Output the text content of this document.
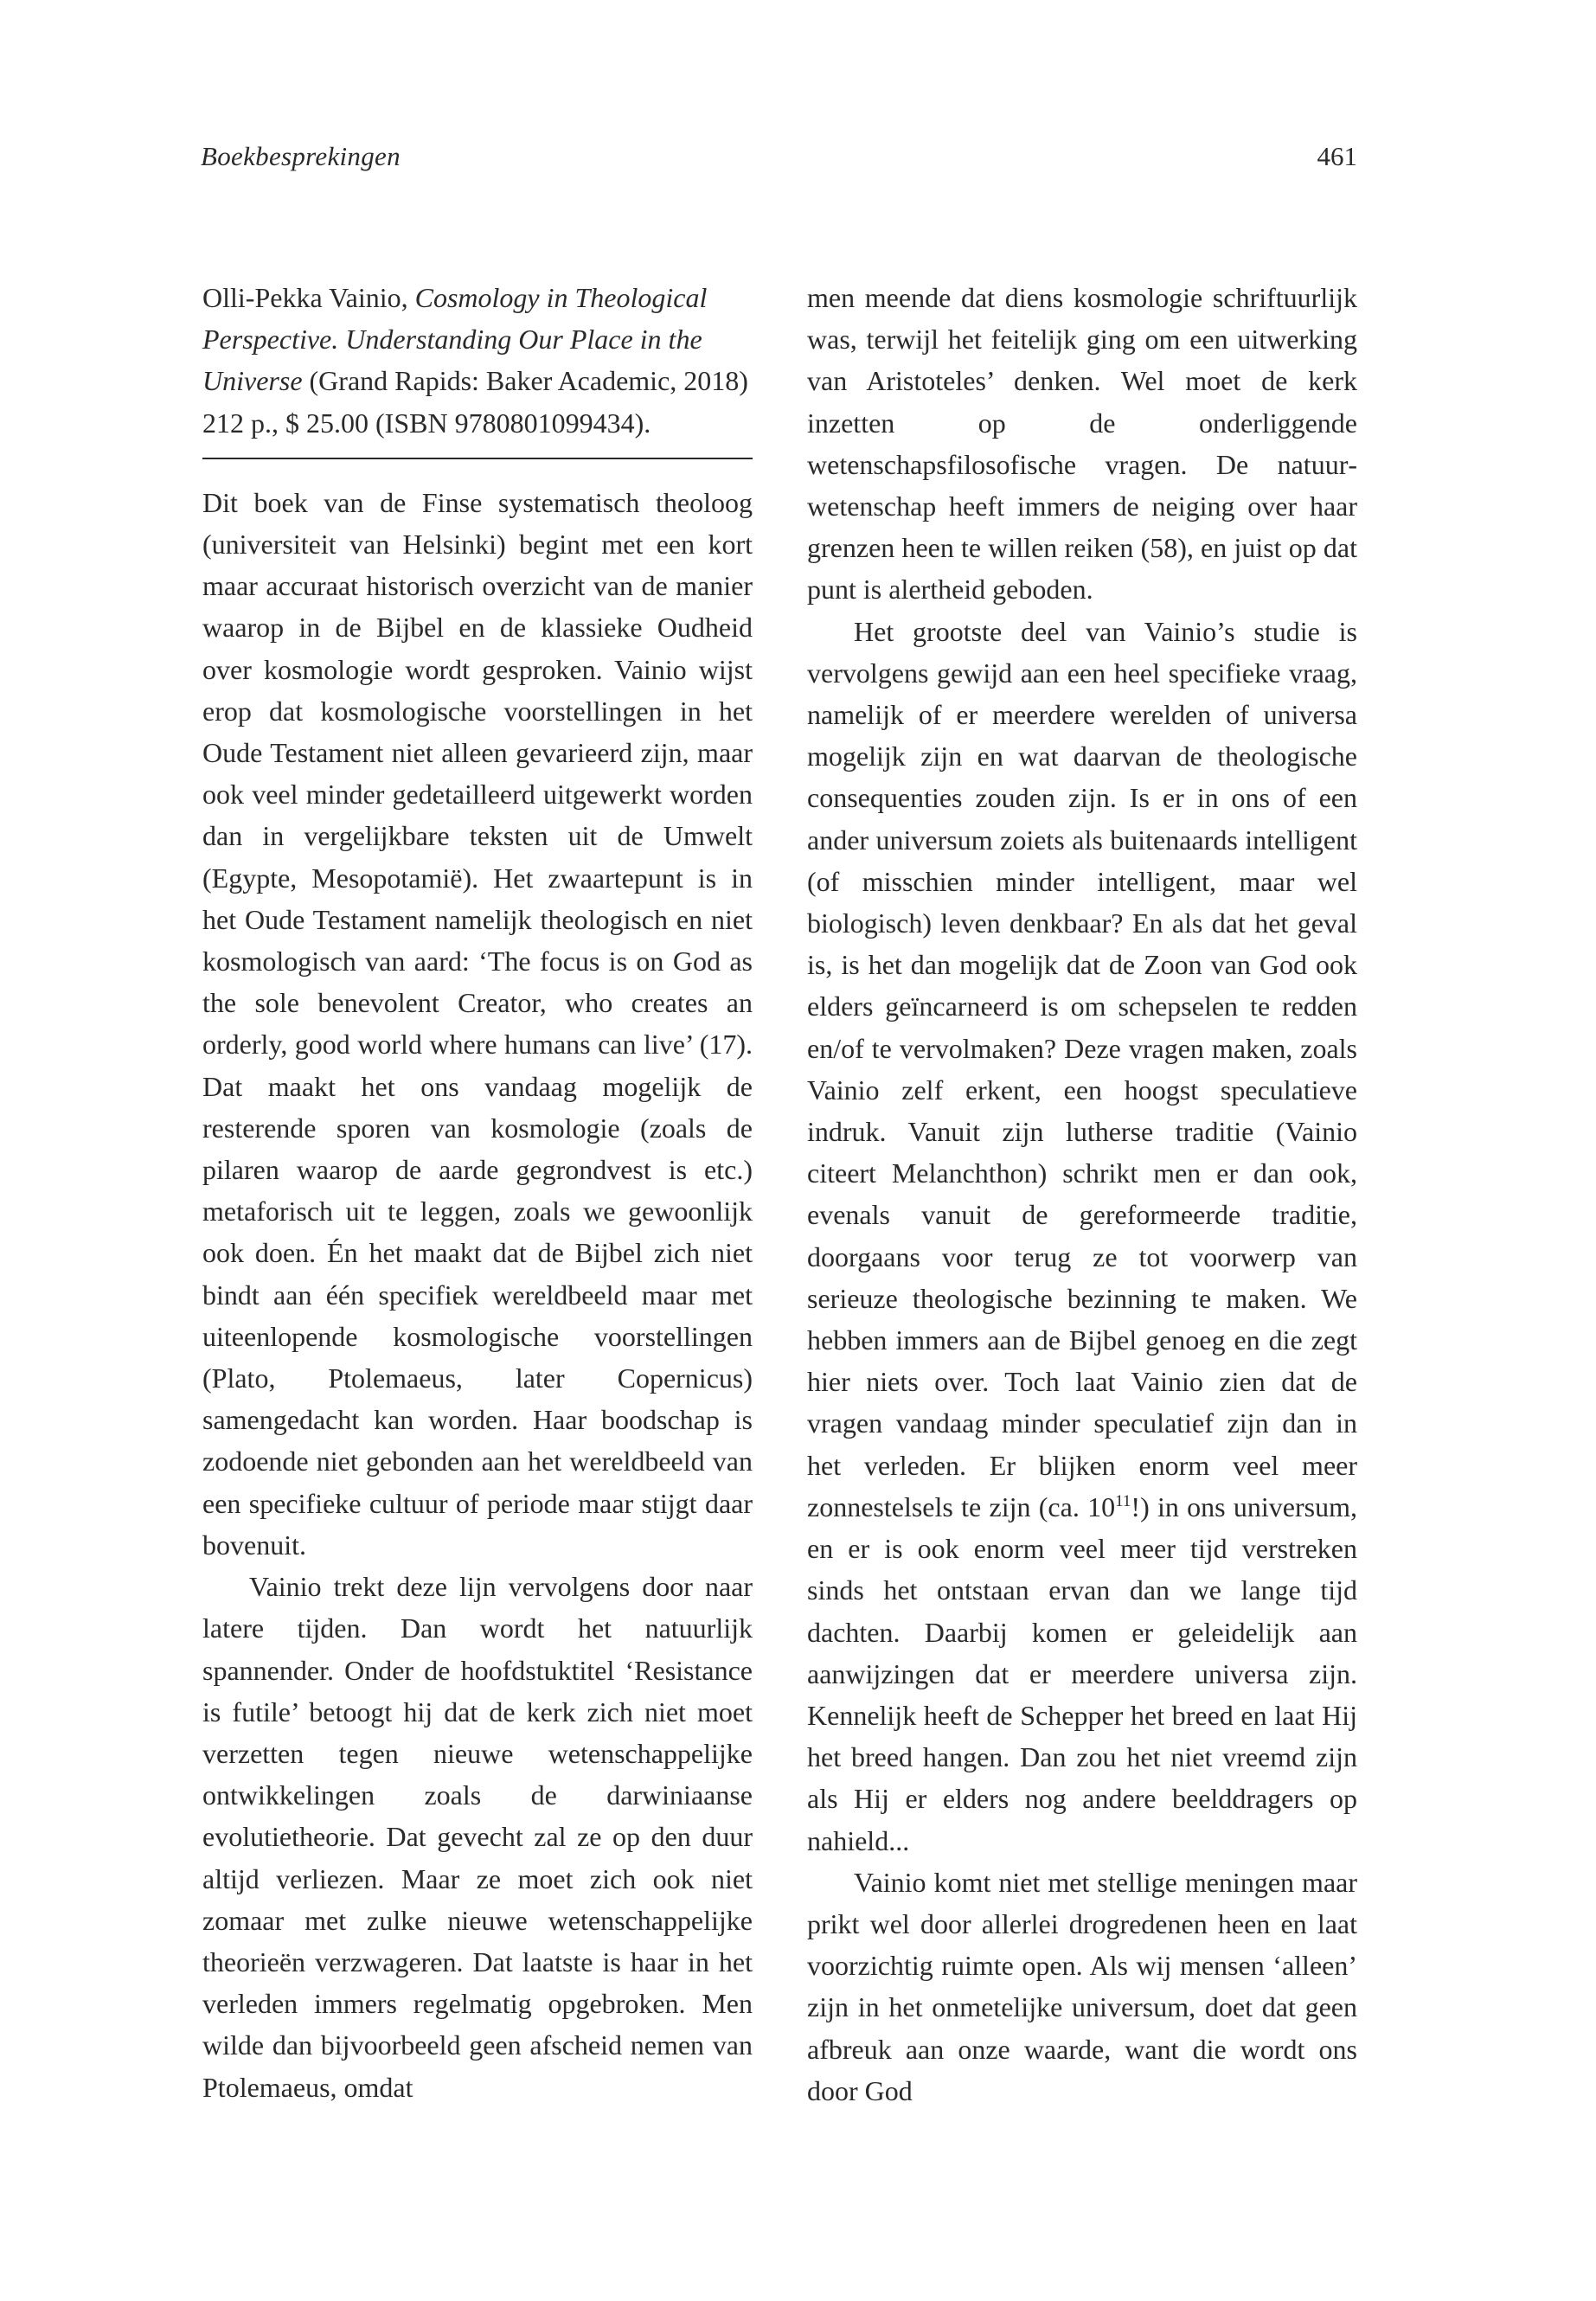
Boekbesprekingen	461

Olli-Pekka Vainio, Cosmology in Theological Perspective. Understanding Our Place in the Universe (Grand Rapids: Baker Academic, 2018) 212 p., $ 25.00 (ISBN 9780801099434).

Dit boek van de Finse systematisch theoloog (universiteit van Helsinki) begint met een kort maar accuraat historisch overzicht van de manier waarop in de Bijbel en de klassieke Oudheid over kosmologie wordt gesproken. Vainio wijst erop dat kosmologische voorstellingen in het Oude Testament niet alleen gevarieerd zijn, maar ook veel minder gedetailleerd uitgewerkt worden dan in vergelijkbare teksten uit de Umwelt (Egypte, Mesopotamië). Het zwaartepunt is in het Oude Testament namelijk theologisch en niet kosmologisch van aard: ‘The focus is on God as the sole benevolent Creator, who creates an orderly, good world where humans can live’ (17). Dat maakt het ons vandaag mogelijk de resterende sporen van kosmologie (zoals de pilaren waarop de aarde gegrondvest is etc.) metaforisch uit te leggen, zoals we gewoonlijk ook doen. Én het maakt dat de Bijbel zich niet bindt aan één specifiek wereldbeeld maar met uiteenlopende kosmologische voorstellingen (Plato, Ptolemaeus, later Copernicus) samengedacht kan worden. Haar boodschap is zodoende niet gebonden aan het wereldbeeld van een specifieke cultuur of periode maar stijgt daar bovenuit.

Vainio trekt deze lijn vervolgens door naar latere tijden. Dan wordt het natuurlijk spannender. Onder de hoofdstuktitel ‘Resistance is futile’ betoogt hij dat de kerk zich niet moet verzetten tegen nieuwe wetenschappelijke ontwikkelingen zoals de darwiniaanse evolutietheorie. Dat gevecht zal ze op den duur altijd verliezen. Maar ze moet zich ook niet zomaar met zulke nieuwe wetenschappelijke theorieën verzwageren. Dat laatste is haar in het verleden immers regelmatig opgebroken. Men wilde dan bijvoorbeeld geen afscheid nemen van Ptolemaeus, omdat

men meende dat diens kosmologie schriftuurlijk was, terwijl het feitelijk ging om een uitwerking van Aristoteles’ denken. Wel moet de kerk inzetten op de onderliggende wetenschapsfilosofische vragen. De natuurwetenschap heeft immers de neiging over haar grenzen heen te willen reiken (58), en juist op dat punt is alertheid geboden.

Het grootste deel van Vainio’s studie is vervolgens gewijd aan een heel specifieke vraag, namelijk of er meerdere werelden of universa mogelijk zijn en wat daarvan de theologische consequenties zouden zijn. Is er in ons of een ander universum zoiets als buitenaards intelligent (of misschien minder intelligent, maar wel biologisch) leven denkbaar? En als dat het geval is, is het dan mogelijk dat de Zoon van God ook elders geïncarneerd is om schepselen te redden en/of te vervolmaken? Deze vragen maken, zoals Vainio zelf erkent, een hoogst speculatieve indruk. Vanuit zijn lutherse traditie (Vainio citeert Melanchthon) schrikt men er dan ook, evenals vanuit de gereformeerde traditie, doorgaans voor terug ze tot voorwerp van serieuze theologische bezinning te maken. We hebben immers aan de Bijbel genoeg en die zegt hier niets over. Toch laat Vainio zien dat de vragen vandaag minder speculatief zijn dan in het verleden. Er blijken enorm veel meer zonnestelsels te zijn (ca. $10^{11}$!) in ons universum, en er is ook enorm veel meer tijd verstreken sinds het ontstaan ervan dan we lange tijd dachten. Daarbij komen er geleidelijk aan aanwijzingen dat er meerdere universa zijn. Kennelijk heeft de Schepper het breed en laat Hij het breed hangen. Dan zou het niet vreemd zijn als Hij er elders nog andere beelddragers op nahield...

Vainio komt niet met stellige meningen maar prikt wel door allerlei drogredenen heen en laat voorzichtig ruimte open. Als wij mensen ‘alleen’ zijn in het onmetelijke universum, doet dat geen afbreuk aan onze waarde, want die wordt ons door God
